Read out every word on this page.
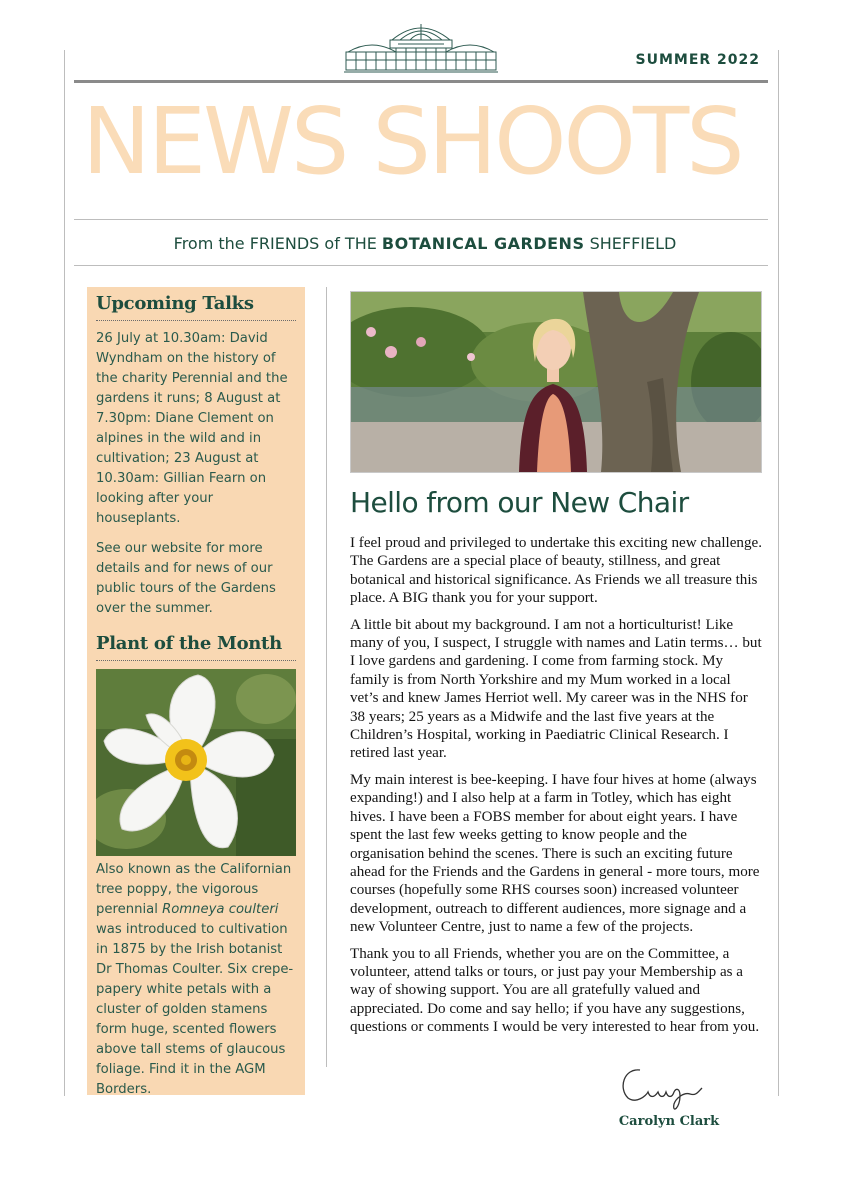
SUMMER 2022
NEWS SHOOTS
From the FRIENDS of THE BOTANICAL GARDENS SHEFFIELD
Upcoming Talks

26 July at 10.30am: David Wyndham on the history of the charity Perennial and the gardens it runs; 8 August at 7.30pm: Diane Clement on alpines in the wild and in cultivation; 23 August at 10.30am: Gillian Fearn on looking after your houseplants.

See our website for more details and for news of our public tours of the Gardens over the summer.

Plant of the Month

Also known as the Californian tree poppy, the vigorous perennial Romneya coulteri was introduced to cultivation in 1875 by the Irish botanist Dr Thomas Coulter. Six crepe-papery white petals with a cluster of golden stamens form huge, scented flowers above tall stems of glaucous foliage. Find it in the AGM Borders.

Hello from our New Chair

I feel proud and privileged to undertake this exciting new challenge. The Gardens are a special place of beauty, stillness, and great botanical and historical significance. As Friends we all treasure this place. A BIG thank you for your support.

A little bit about my background. I am not a horticulturist! Like many of you, I suspect, I struggle with names and Latin terms… but I love gardens and gardening. I come from farming stock. My family is from North Yorkshire and my Mum worked in a local vet’s and knew James Herriot well. My career was in the NHS for 38 years; 25 years as a Midwife and the last five years at the Children’s Hospital, working in Paediatric Clinical Research. I retired last year.

My main interest is bee-keeping. I have four hives at home (always expanding!) and I also help at a farm in Totley, which has eight hives. I have been a FOBS member for about eight years. I have spent the last few weeks getting to know people and the organisation behind the scenes. There is such an exciting future ahead for the Friends and the Gardens in general - more tours, more courses (hopefully some RHS courses soon) increased volunteer development, outreach to different audiences, more signage and a new Volunteer Centre, just to name a few of the projects.

Thank you to all Friends, whether you are on the Committee, a volunteer, attend talks or tours, or just pay your Membership as a way of showing support. You are all gratefully valued and appreciated. Do come and say hello; if you have any suggestions, questions or comments I would be very interested to hear from you.

Carolyn Clark
